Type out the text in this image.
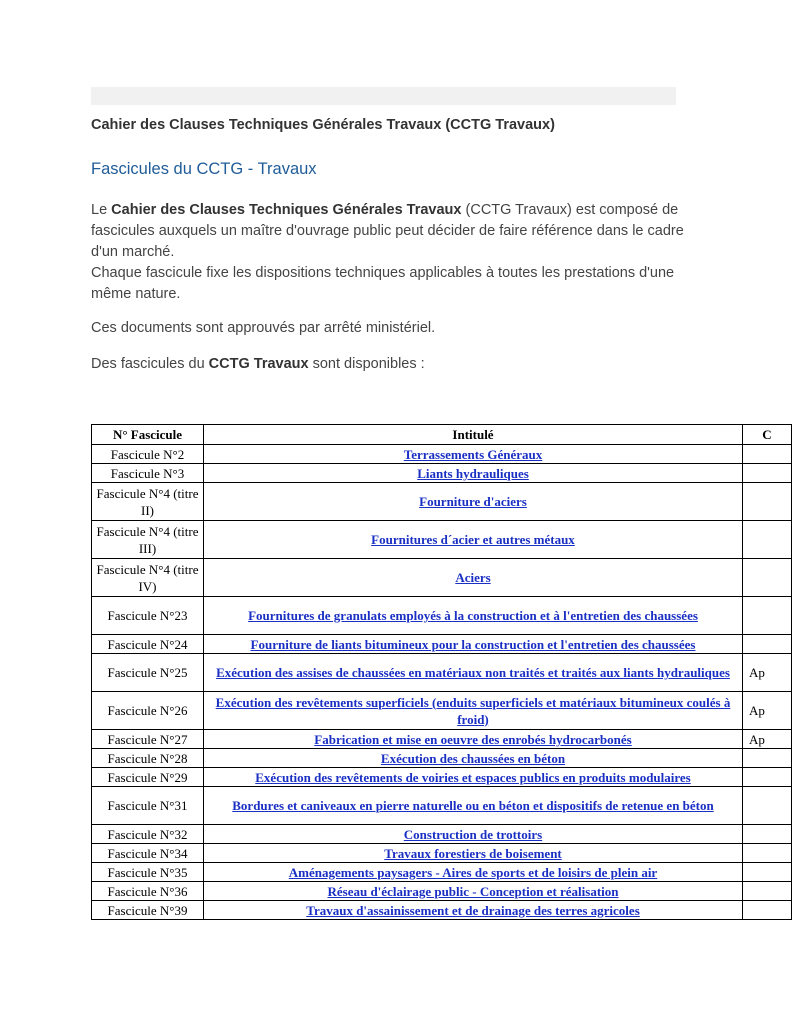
Cahier des Clauses Techniques Générales Travaux (CCTG Travaux)
Fascicules du CCTG - Travaux

Le Cahier des Clauses Techniques Générales Travaux (CCTG Travaux) est composé de fascicules auxquels un maître d'ouvrage public peut décider de faire référence dans le cadre d'un marché.

Chaque fascicule fixe les dispositions techniques applicables à toutes les prestations d'une même nature.

Ces documents sont approuvés par arrêté ministériel.
Des fascicules du CCTG Travaux sont disponibles :
N° Fascicule	Intitulé	C
Fascicule N°2	Terrassements Généraux	
Fascicule N°3	Liants hydrauliques	
Fascicule N°4 (titre II)	Fourniture d'aciers	
Fascicule N°4 (titre III)	Fournitures d´acier et autres métaux	
Fascicule N°4 (titre IV)	Aciers	
Fascicule N°23	Fournitures de granulats employés à la construction et à l'entretien des chaussées	
Fascicule N°24	Fourniture de liants bitumineux pour la construction et l'entretien des chaussées	
Fascicule N°25	Exécution des assises de chaussées en matériaux non traités et traités aux liants hydrauliques	Ap
Fascicule N°26	Exécution des revêtements superficiels (enduits superficiels et matériaux bitumineux coulés à froid)	Ap
Fascicule N°27	Fabrication et mise en oeuvre des enrobés hydrocarbonés	Ap
Fascicule N°28	Exécution des chaussées en béton	
Fascicule N°29	Exécution des revêtements de voiries et espaces publics en produits modulaires	
Fascicule N°31	Bordures et caniveaux en pierre naturelle ou en béton et dispositifs de retenue en béton	
Fascicule N°32	Construction de trottoirs	
Fascicule N°34	Travaux forestiers de boisement	
Fascicule N°35	Aménagements paysagers - Aires de sports et de loisirs de plein air	
Fascicule N°36	Réseau d'éclairage public - Conception et réalisation	
Fascicule N°39	Travaux d'assainissement et de drainage des terres agricoles	
